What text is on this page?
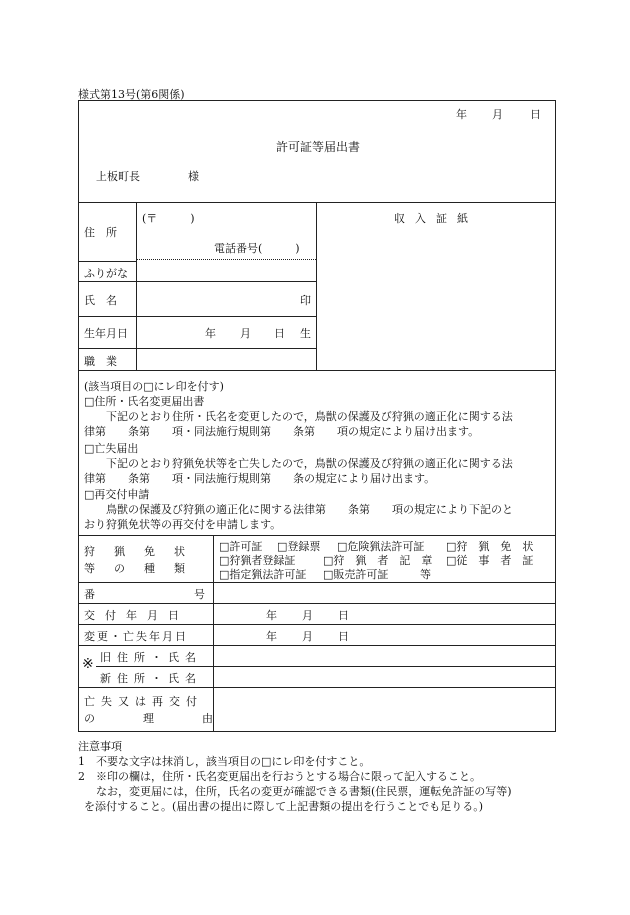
様式第13号(第6関係)
年 月 日
許可証等届出書
上板町長	様
住　所
(〒　　　)
電話番号(　　　)
ふりがな
氏　名	印
生年月日	年 月 日 生
職　業
収入証紙
(該当項目の□にレ印を付す)
□住所・氏名変更届出書
下記のとおり住所・氏名を変更したので，鳥獣の保護及び狩猟の適正化に関する法
律第　　条第　　項・同法施行規則第　　条第　　項の規定により届け出ます。
□亡失届出
下記のとおり狩猟免状等を亡失したので，鳥獣の保護及び狩猟の適正化に関する法
律第　　条第　　項・同法施行規則第　　条の規定により届け出ます。
□再交付申請
鳥獣の保護及び狩猟の適正化に関する法律第　　条第　　項の規定により下記のと
おり狩猟免状等の再交付を申請します。
狩猟免状
等の種類
□許可証 □登録票 □危険猟法許可証 □狩　猟　免　状
□狩猟者登録証	□狩　猟　者　記　章 □従　事　者　証
□指定猟法許可証 □販売許可証	等
番号
交付年月日	年 月 日
変更・亡失年月日	年 月 日
※ 旧住所・氏名
新住所・氏名
亡失又は再交付
の理由
注意事項
1　不要な文字は抹消し，該当項目の□にレ印を付すこと。
2　※印の欄は，住所・氏名変更届出を行おうとする場合に限って記入すること。
なお，変更届には，住所，氏名の変更が確認できる書類(住民票，運転免許証の写等)
を添付すること。(届出書の提出に際して上記書類の提出を行うことでも足りる。)
